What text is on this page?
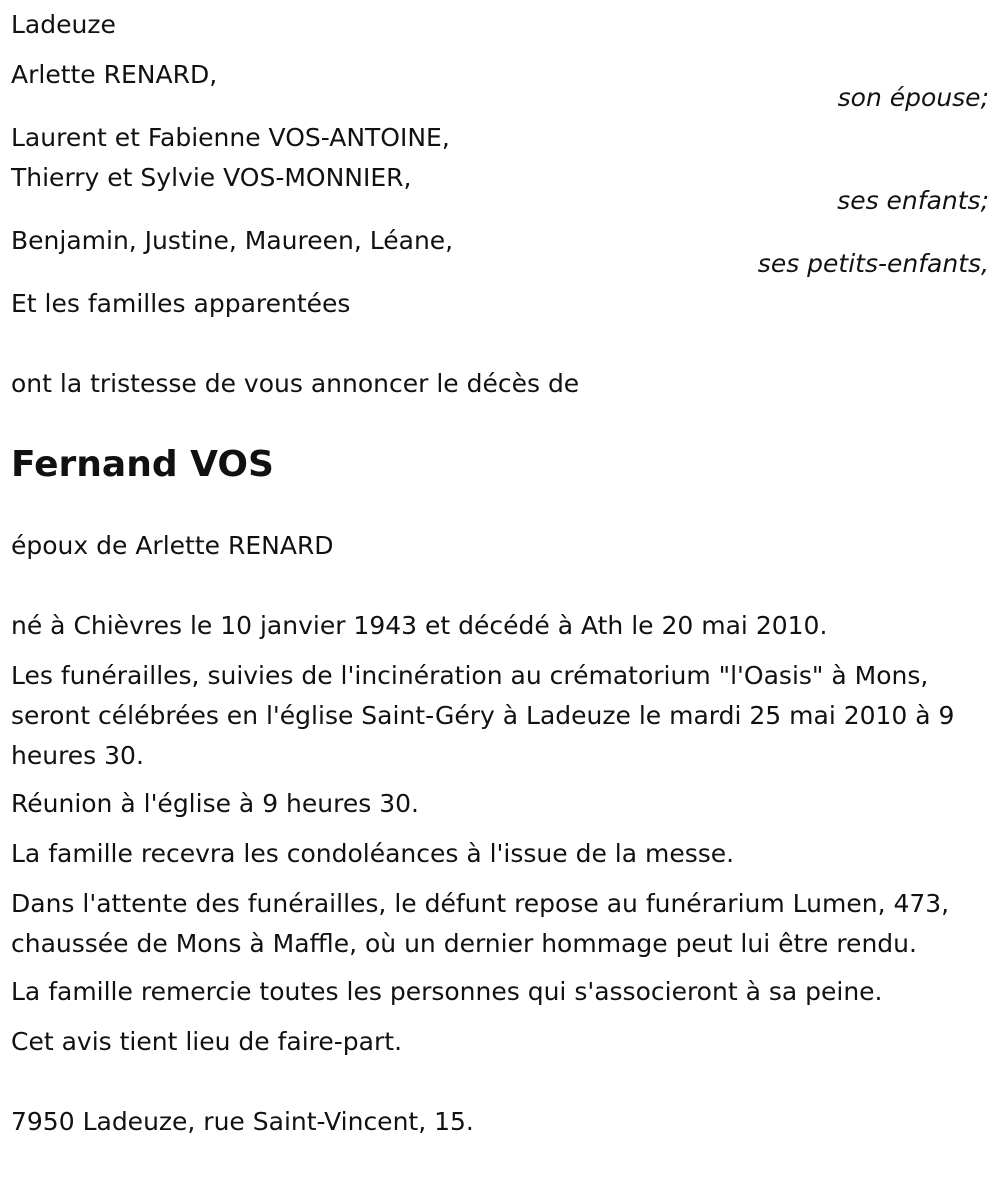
Ladeuze
Arlette RENARD,
son épouse;
Laurent et Fabienne VOS-ANTOINE,
Thierry et Sylvie VOS-MONNIER,
ses enfants;
Benjamin, Justine, Maureen, Léane,
ses petits-enfants,
Et les familles apparentées
ont la tristesse de vous annoncer le décès de
Fernand VOS
époux de Arlette RENARD
né à Chièvres le 10 janvier 1943 et décédé à Ath le 20 mai 2010.
Les funérailles, suivies de l'incinération au crématorium "l'Oasis" à Mons, seront célébrées en l'église Saint-Géry à Ladeuze le mardi 25 mai 2010 à 9 heures 30.
Réunion à l'église à 9 heures 30.
La famille recevra les condoléances à l'issue de la messe.
Dans l'attente des funérailles, le défunt repose au funérarium Lumen, 473, chaussée de Mons à Maffle, où un dernier hommage peut lui être rendu.
La famille remercie toutes les personnes qui s'associeront à sa peine.
Cet avis tient lieu de faire-part.
7950 Ladeuze, rue Saint-Vincent, 15.
